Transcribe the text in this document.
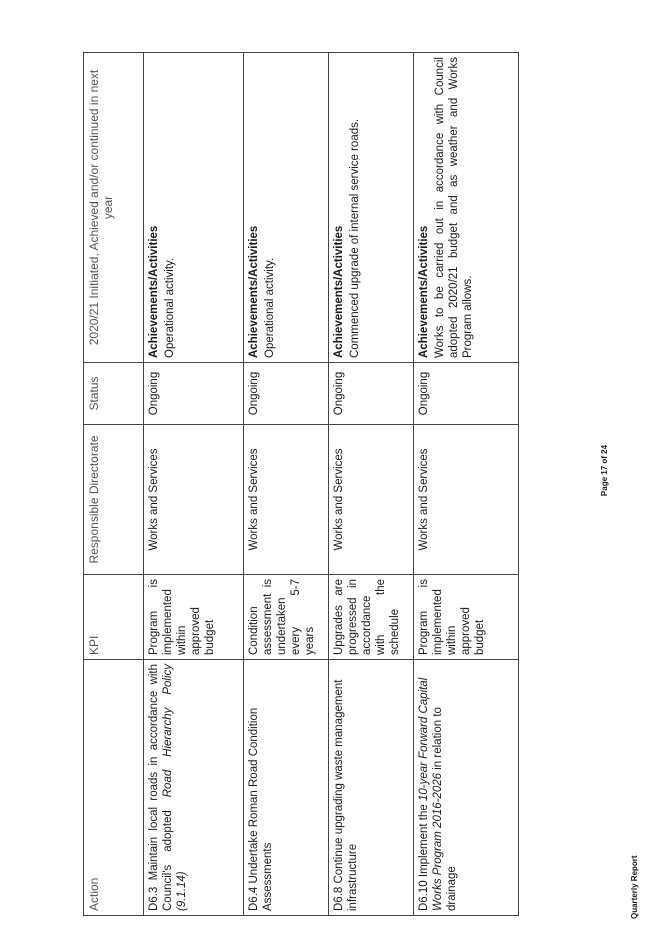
Action	KPI	Responsible Directorate	Status	2020/21 Initiated, Achieved and/or continued in next year

D6.3 Maintain local roads in accordance with Council's adopted Road Hierarchy Policy (9.1.14)	Program is implemented within approved budget	Works and Services	Ongoing	Achievements/Activities Operational activity.

D6.4 Undertake Roman Road Condition Assessments	Condition assessment is undertaken every 5-7 years	Works and Services	Ongoing	Achievements/Activities Operational activity.

D6.8 Continue upgrading waste management infrastructure	Upgrades are progressed in accordance with the schedule	Works and Services	Ongoing	Achievements/Activities Commenced upgrade of internal service roads.

D6.10 Implement the 10-year Forward Capital Works Program 2016-2026 in relation to drainage	Program is implemented within approved budget	Works and Services	Ongoing	Achievements/Activities Works to be carried out in accordance with Council adopted 2020/21 budget and as weather and Works Program allows.
Page 17 of 24
Quarterly Report
